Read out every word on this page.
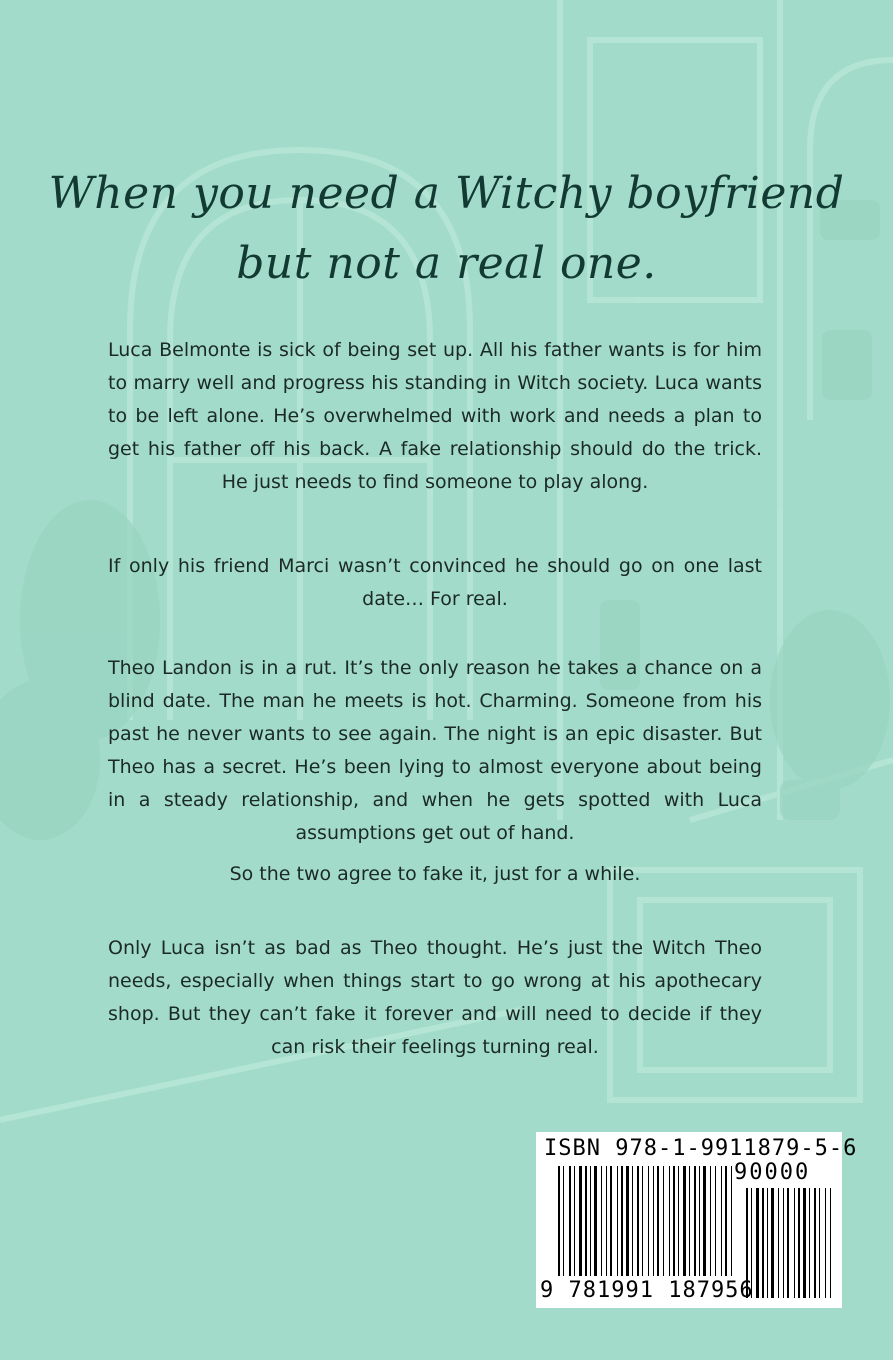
When you need a Witchy boyfriend
but not a real one.

Luca Belmonte is sick of being set up. All his father wants is for him to marry well and progress his standing in Witch society. Luca wants to be left alone. He’s overwhelmed with work and needs a plan to get his father off his back. A fake relationship should do the trick. He just needs to find someone to play along.

If only his friend Marci wasn’t convinced he should go on one last date… For real.

Theo Landon is in a rut. It’s the only reason he takes a chance on a blind date. The man he meets is hot. Charming. Someone from his past he never wants to see again. The night is an epic disaster. But Theo has a secret. He’s been lying to almost everyone about being in a steady relationship, and when he gets spotted with Luca assumptions get out of hand.

So the two agree to fake it, just for a while.

Only Luca isn’t as bad as Theo thought. He’s just the Witch Theo needs, especially when things start to go wrong at his apothecary shop. But they can’t fake it forever and will need to decide if they can risk their feelings turning real.

ISBN 978-1-9911879-5-6
90000
9 781991 187956
